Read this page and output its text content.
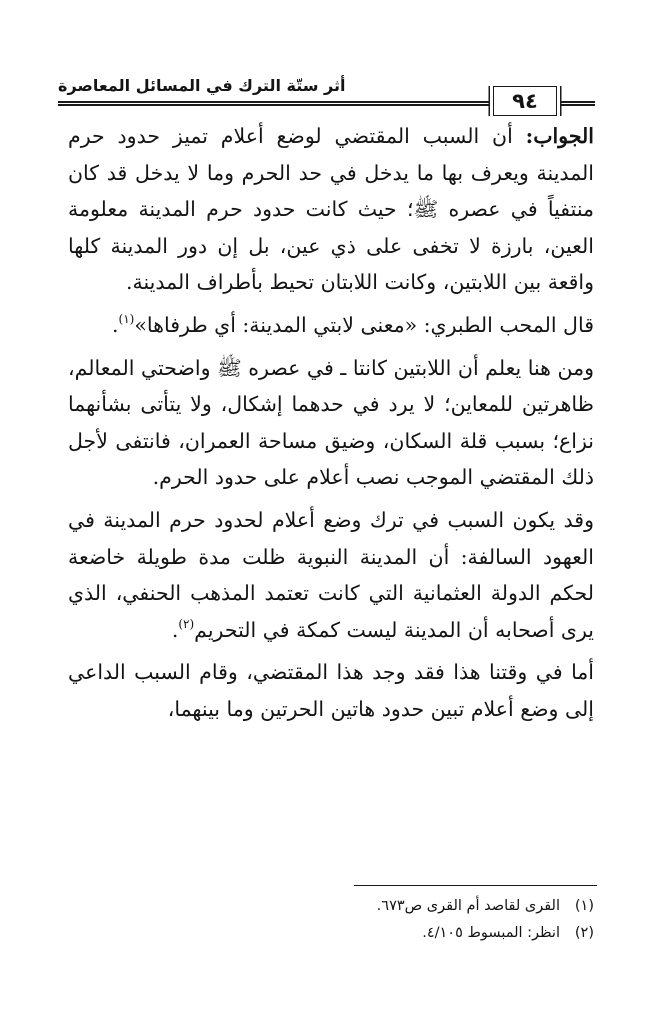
أثر ستّة الترك في المسائل المعاصرة
٩٤

الجواب: أن السبب المقتضي لوضع أعلام تميز حدود حرم المدينة ويعرف بها ما يدخل في حد الحرم وما لا يدخل قد كان منتفياً في عصره ﷺ؛ حيث كانت حدود حرم المدينة معلومة العين، بارزة لا تخفى على ذي عين، بل إن دور المدينة كلها واقعة بين اللابتين، وكانت اللابتان تحيط بأطراف المدينة.

قال المحب الطبري: «معنى لابتي المدينة: أي طرفاها»$^{(١)}$.

ومن هنا يعلم أن اللابتين كانتا ـ في عصره ﷺ واضحتي المعالم، ظاهرتين للمعاين؛ لا يرد في حدهما إشكال، ولا يتأتى بشأنهما نزاع؛ بسبب قلة السكان، وضيق مساحة العمران، فانتفى لأجل ذلك المقتضي الموجب نصب أعلام على حدود الحرم.

وقد يكون السبب في ترك وضع أعلام لحدود حرم المدينة في العهود السالفة: أن المدينة النبوية ظلت مدة طويلة خاضعة لحكم الدولة العثمانية التي كانت تعتمد المذهب الحنفي، الذي يرى أصحابه أن المدينة ليست كمكة في التحريم$^{(٢)}$.

أما في وقتنا هذا فقد وجد هذا المقتضي، وقام السبب الداعي إلى وضع أعلام تبين حدود هاتين الحرتين وما بينهما،

(١)القرى لقاصد أم القرى ص٦٧٣.
(٢)انظر: المبسوط ٤/١٠٥.
